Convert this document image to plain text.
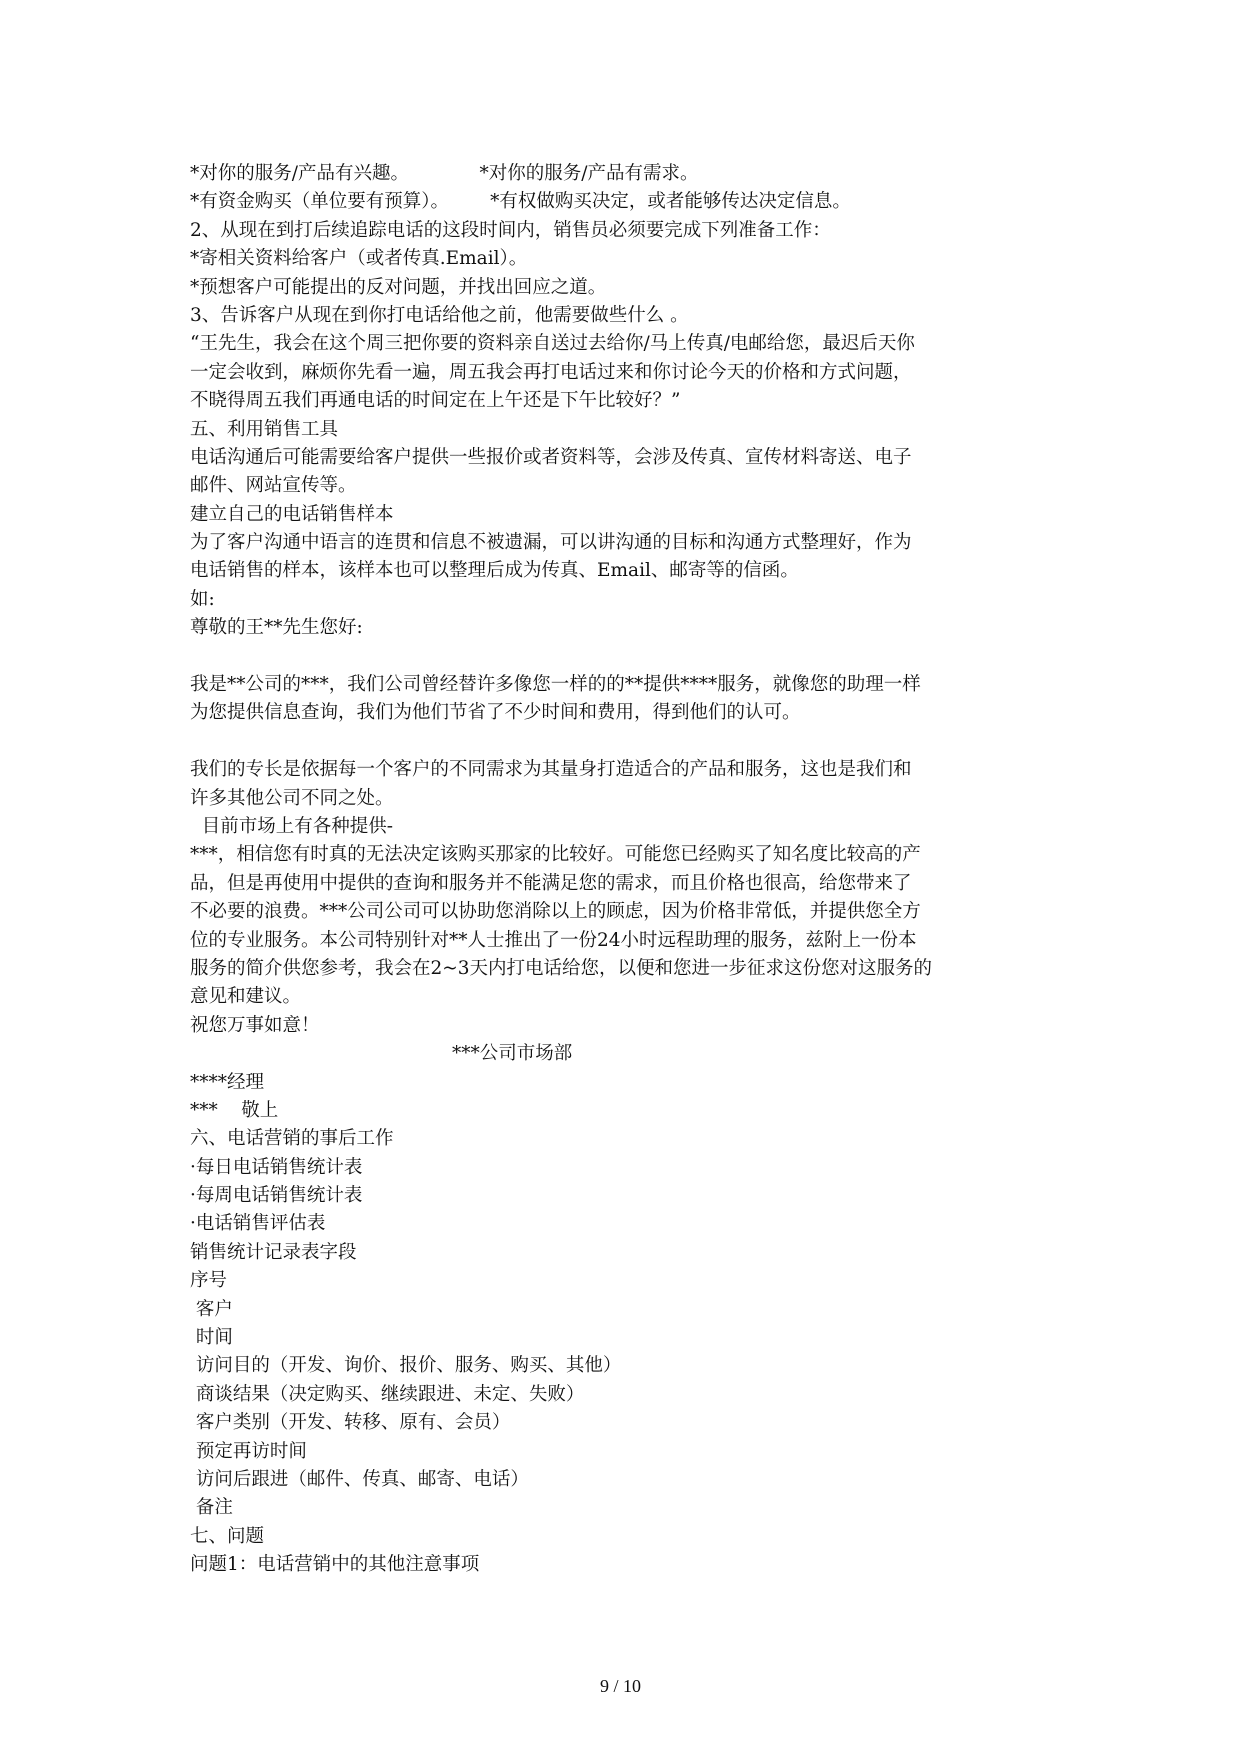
*对你的服务/产品有兴趣。            *对你的服务/产品有需求。
*有资金购买（单位要有预算）。       *有权做购买决定，或者能够传达决定信息。
2、从现在到打后续追踪电话的这段时间内，销售员必须要完成下列准备工作：
*寄相关资料给客户（或者传真.Email）。
*预想客户可能提出的反对问题，并找出回应之道。
3、告诉客户从现在到你打电话给他之前，他需要做些什么 。
“王先生，我会在这个周三把你要的资料亲自送过去给你/马上传真/电邮给您，最迟后天你
一定会收到，麻烦你先看一遍，周五我会再打电话过来和你讨论今天的价格和方式问题，
不晓得周五我们再通电话的时间定在上午还是下午比较好？”
五、利用销售工具
电话沟通后可能需要给客户提供一些报价或者资料等，会涉及传真、宣传材料寄送、电子
邮件、网站宣传等。
建立自己的电话销售样本
为了客户沟通中语言的连贯和信息不被遗漏，可以讲沟通的目标和沟通方式整理好，作为
电话销售的样本，该样本也可以整理后成为传真、Email、邮寄等的信函。
如:
尊敬的王**先生您好:
我是**公司的***，我们公司曾经替许多像您一样的的**提供****服务，就像您的助理一样
为您提供信息查询，我们为他们节省了不少时间和费用，得到他们的认可。
我们的专长是依据每一个客户的不同需求为其量身打造适合的产品和服务，这也是我们和
许多其他公司不同之处。
目前市场上有各种提供-
***，相信您有时真的无法决定该购买那家的比较好。可能您已经购买了知名度比较高的产
品，但是再使用中提供的查询和服务并不能满足您的需求，而且价格也很高，给您带来了
不必要的浪费。***公司公司可以协助您消除以上的顾虑，因为价格非常低，并提供您全方
位的专业服务。本公司特别针对**人士推出了一份24小时远程助理的服务，兹附上一份本
服务的简介供您参考，我会在2~3天内打电话给您，以便和您进一步征求这份您对这服务的
意见和建议。
祝您万事如意！
***公司市场部
****经理
***    敬上
六、电话营销的事后工作
·每日电话销售统计表
·每周电话销售统计表
·电话销售评估表
销售统计记录表字段
序号
客户
时间
访问目的（开发、询价、报价、服务、购买、其他）
商谈结果（决定购买、继续跟进、未定、失败）
客户类别（开发、转移、原有、会员）
预定再访时间
访问后跟进（邮件、传真、邮寄、电话）
备注
七、问题
问题1：电话营销中的其他注意事项
9 / 10
